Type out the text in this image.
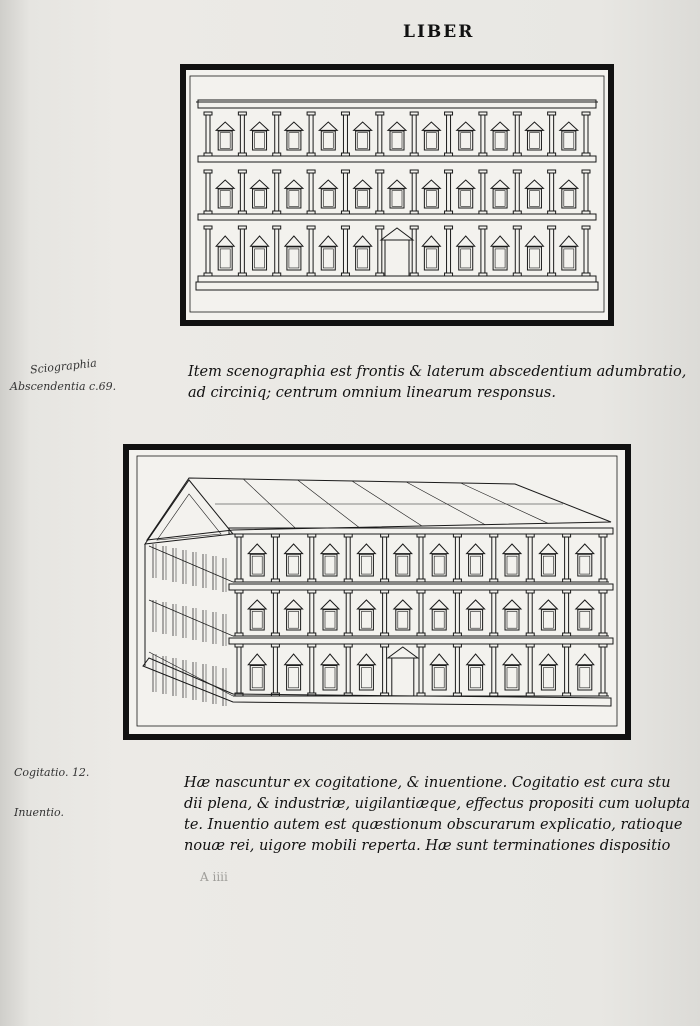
LIBER
Item scenographia est frontis & laterum abscedentium adumbratio,
ad circiniq; centrum omnium linearum responsus.
Hæ nascuntur ex cogitatione, & inuentione. Cogitatio est cura stu
dii plena, & industriæ, uigilantiæque, effectus propositi cum uolupta
te. Inuentio autem est quæstionum obscurarum explicatio, ratioque
nouæ rei, uigore mobili reperta. Hæ sunt terminationes dispositio
Sciographia
Abscendentia c.69.
Cogitatio. 12.
Inuentio.
A iiii
